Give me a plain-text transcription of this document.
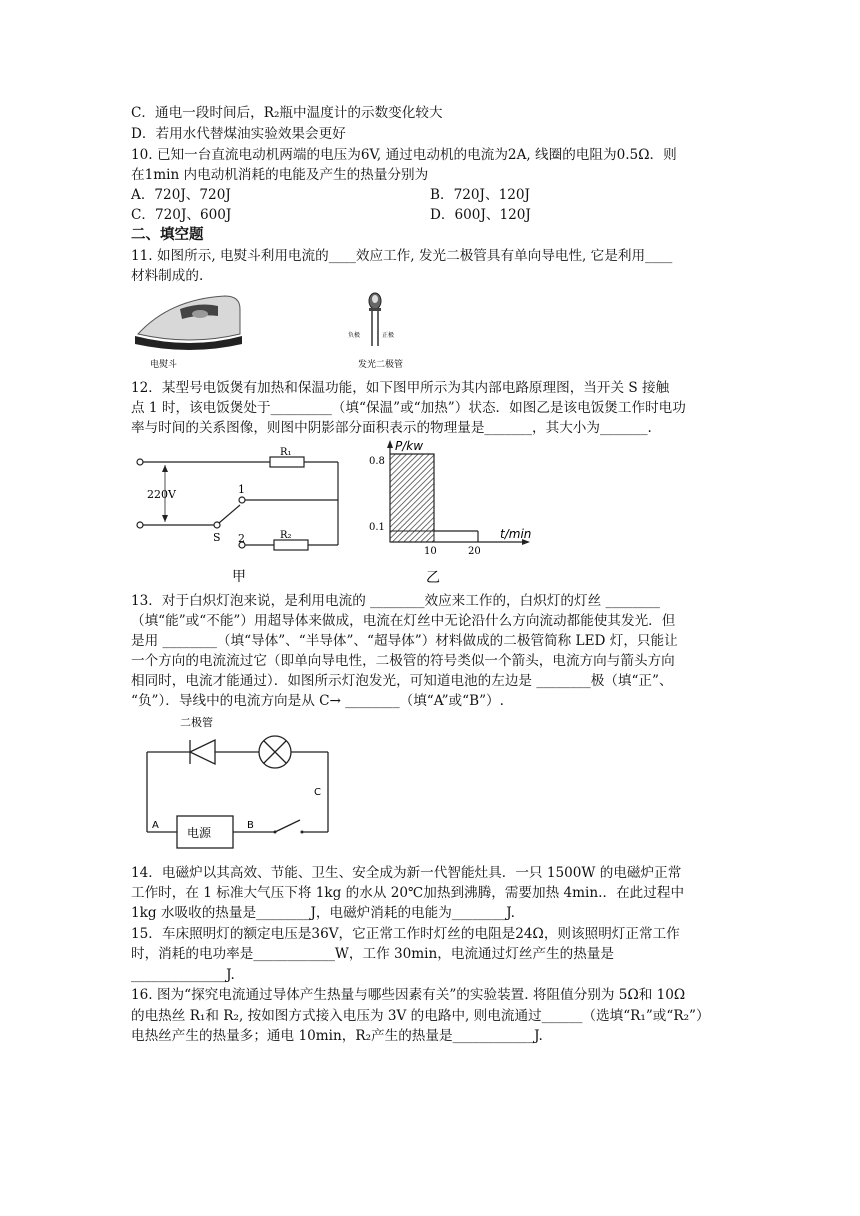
C．通电一段时间后，R₂瓶中温度计的示数变化较大
D．若用水代替煤油实验效果会更好
10. 已知一台直流电动机两端的电压为6V, 通过电动机的电流为2A, 线圈的电阻为0.5Ω．则
在1min 内电动机消耗的电能及产生的热量分别为
A．720J、720J	B．720J、120J
C．720J、600J	D．600J、120J
二、填空题
11. 如图所示, 电熨斗利用电流的____效应工作, 发光二极管具有单向导电性, 它是利用____
材料制成的.
电熨斗
负极	正极
发光二极管
12．某型号电饭煲有加热和保温功能，如下图甲所示为其内部电路原理图，当开关 S 接触
点 1 时，该电饭煲处于_________（填“保温”或“加热”）状态．如图乙是该电饭煲工作时电功
率与时间的关系图像，则图中阴影部分面积表示的物理量是_______，其大小为_______.
R₁
220V	1
2	R₂
S
甲
P/kw
t/min
0.8
0.1
10	20
乙
13．对于白炽灯泡来说，是利用电流的 ________效应来工作的，白炽灯的灯丝 ________
（填“能”或“不能”）用超导体来做成，电流在灯丝中无论沿什么方向流动都能使其发光．但
是用 ________（填“导体”、“半导体”、“超导体”）材料做成的二极管简称 LED 灯，只能让
一个方向的电流流过它（即单向导电性，二极管的符号类似一个箭头，电流方向与箭头方向
相同时，电流才能通过）．如图所示灯泡发光，可知道电池的左边是 ________极（填“正”、
“负”）．导线中的电流方向是从 C→ ________（填“A”或“B”）.
二极管
电源
A	B
C
14．电磁炉以其高效、节能、卫生、安全成为新一代智能灶具．一只 1500W 的电磁炉正常
工作时，在 1 标准大气压下将 1kg 的水从 20℃加热到沸腾，需要加热 4min.．在此过程中
1kg 水吸收的热量是________J，电磁炉消耗的电能为________J.
15．车床照明灯的额定电压是36V，它正常工作时灯丝的电阻是24Ω，则该照明灯正常工作
时，消耗的电功率是____________W，工作 30min，电流通过灯丝产生的热量是
______________J.
16. 图为“探究电流通过导体产生热量与哪些因素有关”的实验装置. 将阻值分别为 5Ω和 10Ω
的电热丝 R₁和 R₂, 按如图方式接入电压为 3V 的电路中, 则电流通过______（选填“R₁”或“R₂”）
电热丝产生的热量多；通电 10min，R₂产生的热量是____________J.
